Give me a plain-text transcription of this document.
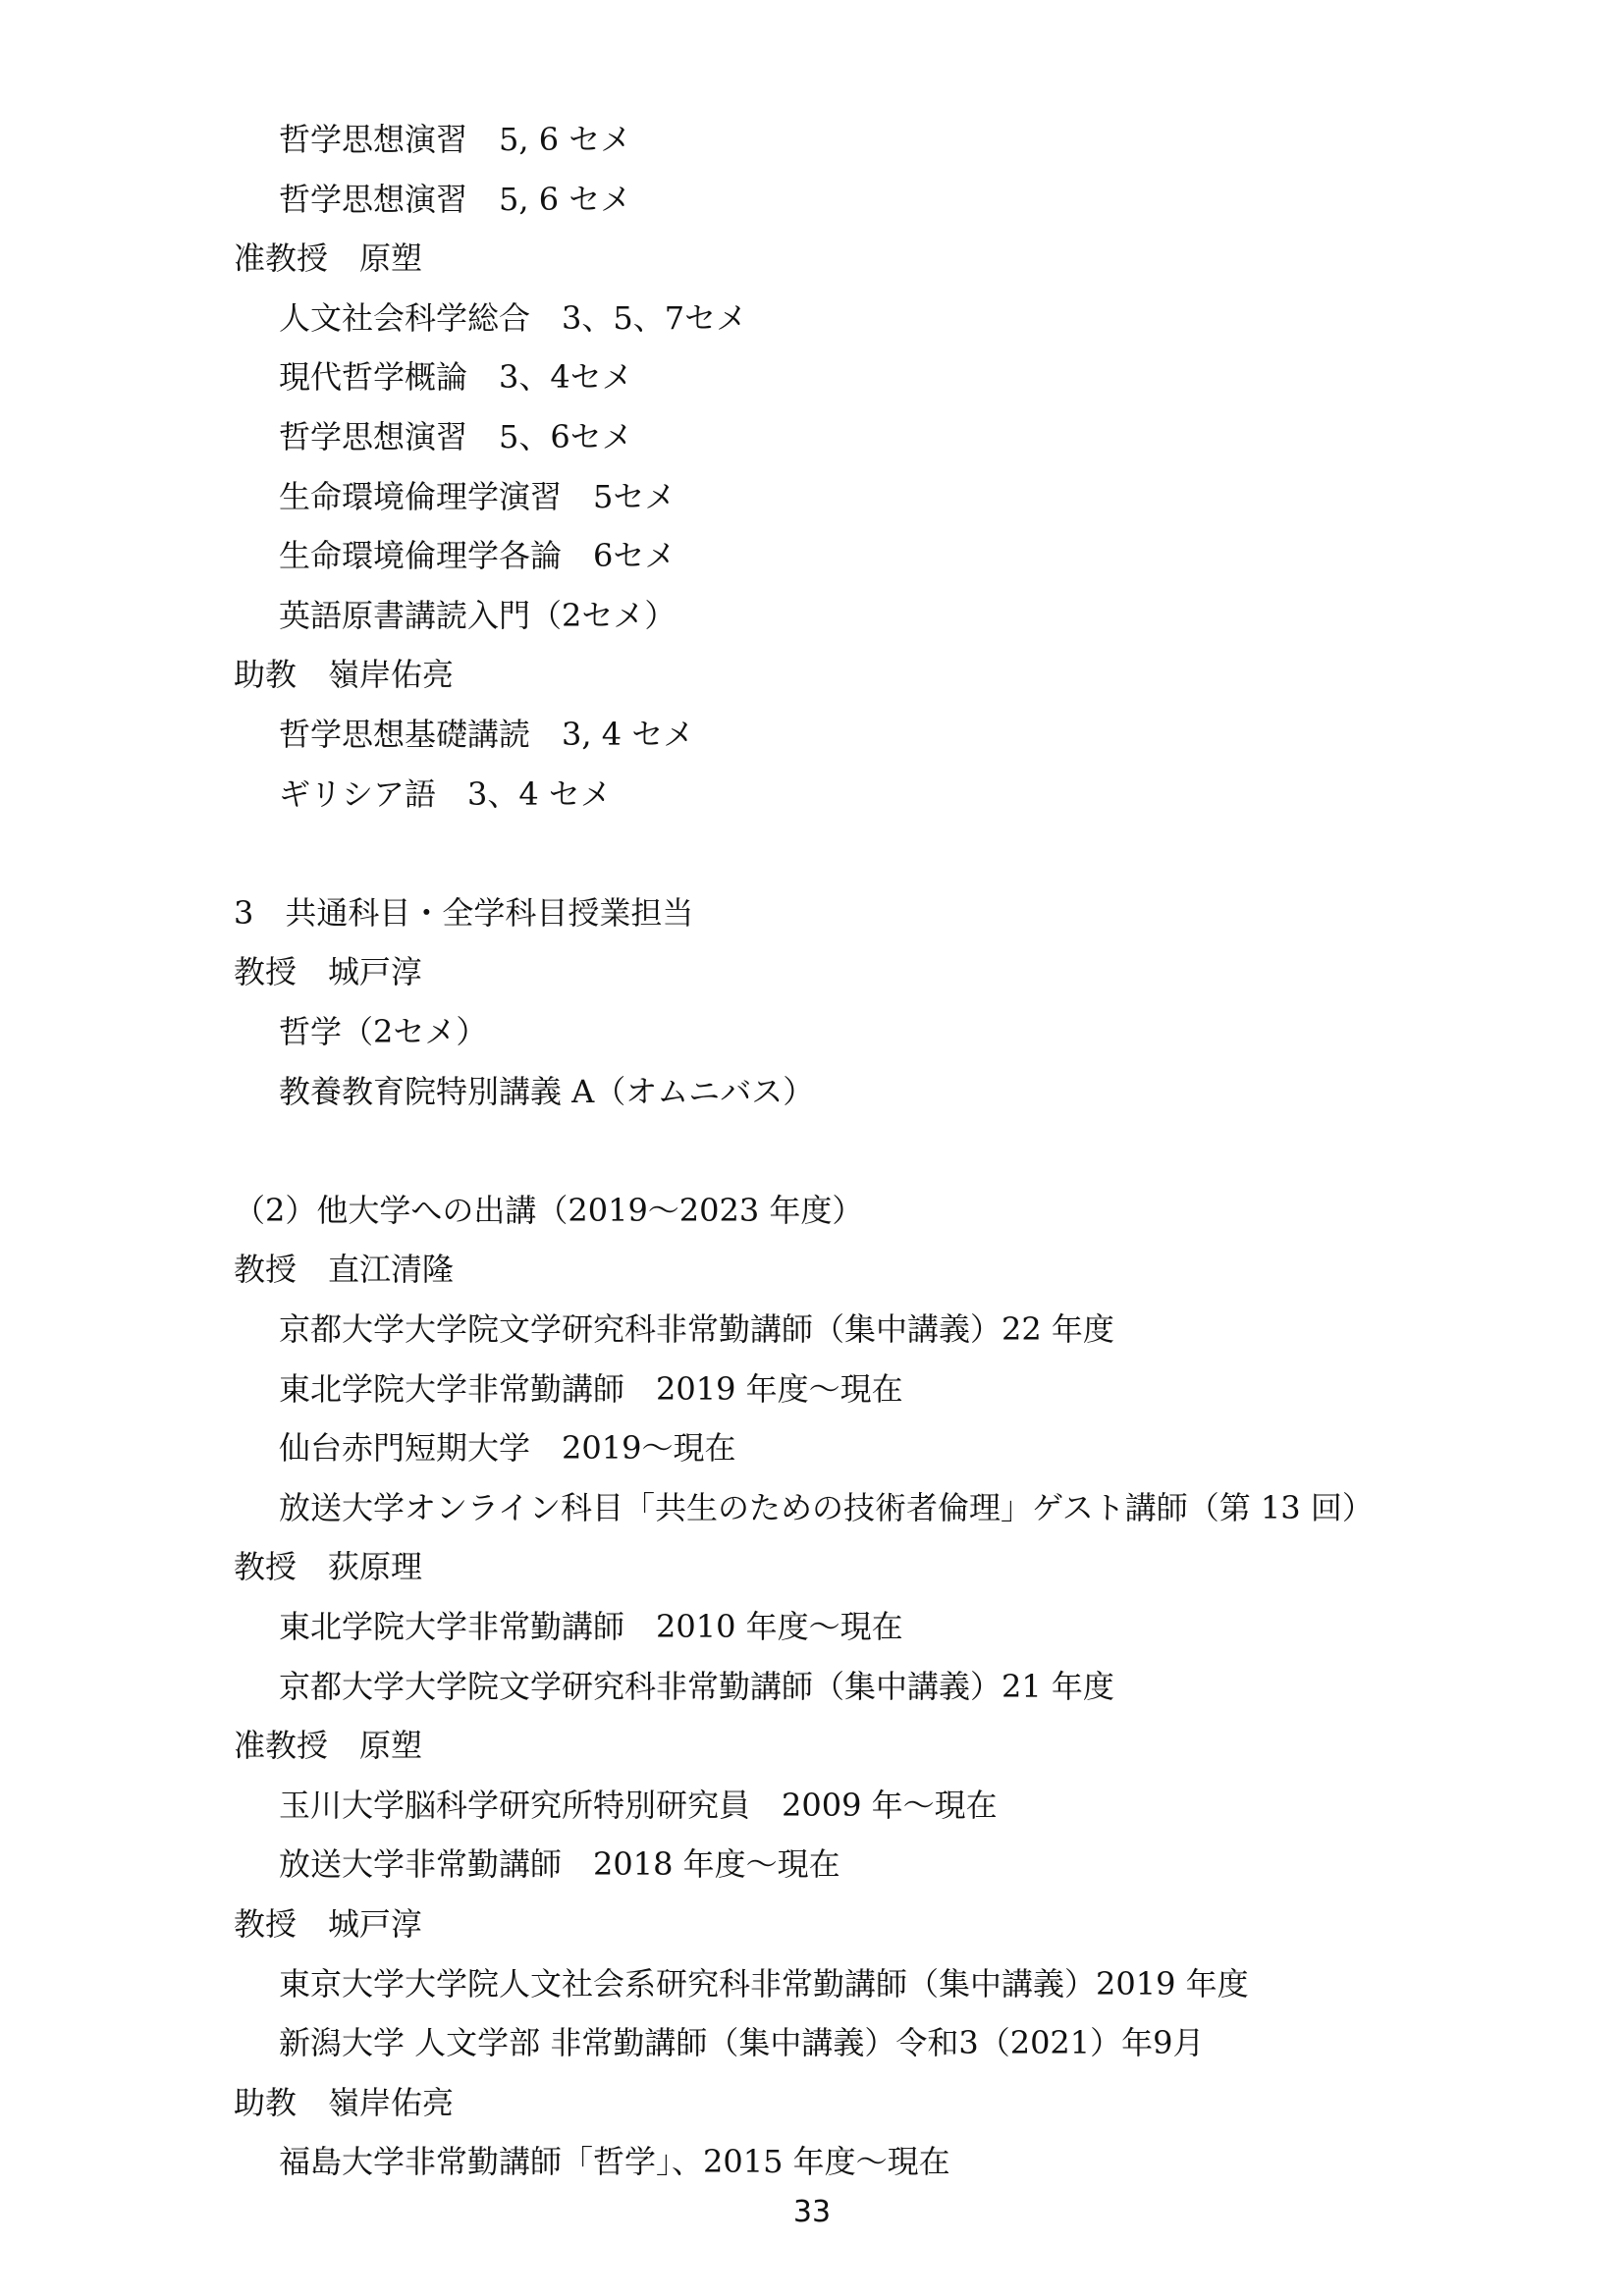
哲学思想演習　5, 6 セメ
哲学思想演習　5, 6 セメ
准教授　原塑
人文社会科学総合　3、5、7セメ
現代哲学概論　3、4セメ
哲学思想演習　5、6セメ
生命環境倫理学演習　5セメ
生命環境倫理学各論　6セメ
英語原書講読入門（2セメ）
助教　嶺岸佑亮
哲学思想基礎講読　3, 4 セメ
ギリシア語　3、4 セメ
3　共通科目・全学科目授業担当
教授　城戸淳
哲学（2セメ）
教養教育院特別講義 A（オムニバス）
（2）他大学への出講（2019～2023 年度）
教授　直江清隆
京都大学大学院文学研究科非常勤講師（集中講義）22 年度
東北学院大学非常勤講師　2019 年度～現在
仙台赤門短期大学　2019～現在
放送大学オンライン科目「共生のための技術者倫理」ゲスト講師（第 13 回）
教授　荻原理
東北学院大学非常勤講師　2010 年度～現在
京都大学大学院文学研究科非常勤講師（集中講義）21 年度
准教授　原塑
玉川大学脳科学研究所特別研究員　2009 年～現在
放送大学非常勤講師　2018 年度～現在
教授　城戸淳
東京大学大学院人文社会系研究科非常勤講師（集中講義）2019 年度
新潟大学 人文学部 非常勤講師（集中講義）令和3（2021）年9月
助教　嶺岸佑亮
福島大学非常勤講師「哲学」、2015 年度～現在
33
